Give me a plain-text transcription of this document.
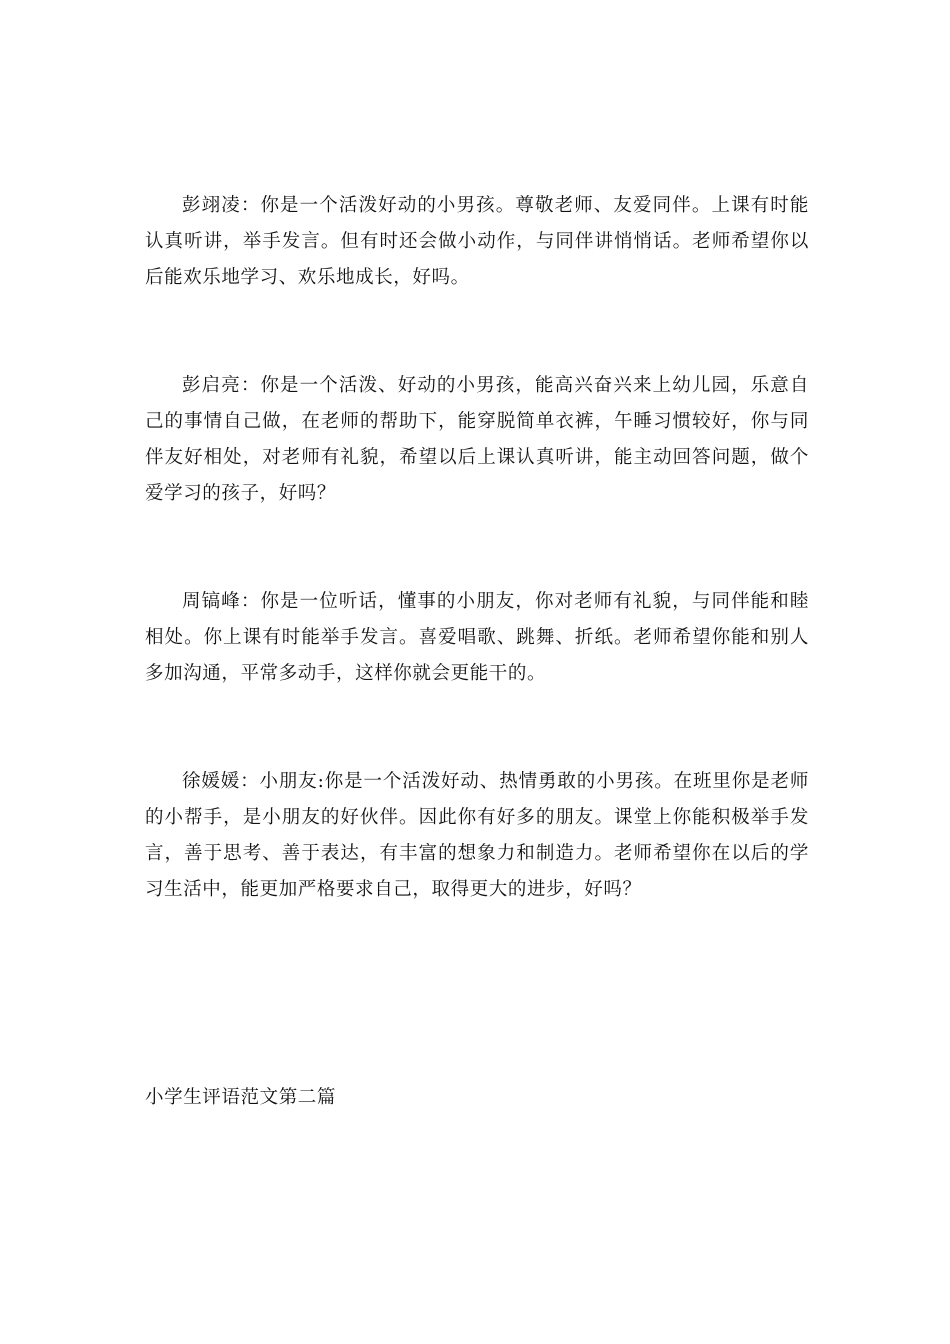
彭翊凌：你是一个活泼好动的小男孩。尊敬老师、友爱同伴。上课有时能认真听讲，举手发言。但有时还会做小动作，与同伴讲悄悄话。老师希望你以后能欢乐地学习、欢乐地成长，好吗。

彭启亮：你是一个活泼、好动的小男孩，能高兴奋兴来上幼儿园，乐意自己的事情自己做，在老师的帮助下，能穿脱简单衣裤，午睡习惯较好，你与同伴友好相处，对老师有礼貌，希望以后上课认真听讲，能主动回答问题，做个爱学习的孩子，好吗？

周镐峰：你是一位听话，懂事的小朋友，你对老师有礼貌，与同伴能和睦相处。你上课有时能举手发言。喜爱唱歌、跳舞、折纸。老师希望你能和别人多加沟通，平常多动手，这样你就会更能干的。

徐媛媛：小朋友:你是一个活泼好动、热情勇敢的小男孩。在班里你是老师的小帮手，是小朋友的好伙伴。因此你有好多的朋友。课堂上你能积极举手发言，善于思考、善于表达，有丰富的想象力和制造力。老师希望你在以后的学习生活中，能更加严格要求自己，取得更大的进步，好吗？

小学生评语范文第二篇
